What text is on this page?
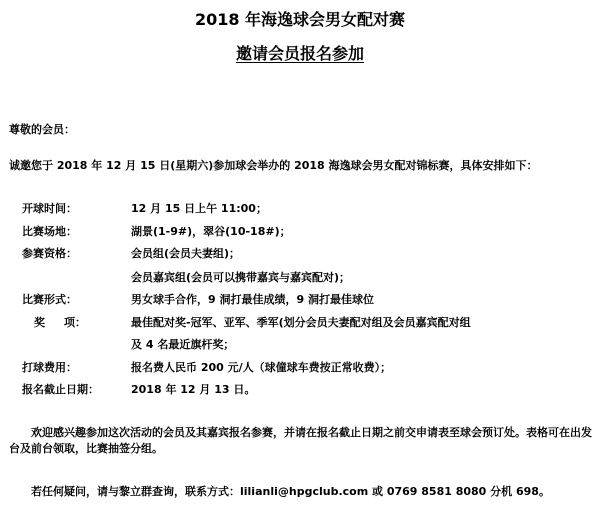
2018 年海逸球会男女配对赛
邀请会员报名参加
尊敬的会员：
诚邀您于 2018 年 12 月 15 日(星期六)参加球会举办的 2018 海逸球会男女配对锦标赛，具体安排如下：
开球时间：	12 月 15 日上午 11:00；
比赛场地：	湖景(1-9#)，翠谷(10-18#)；
参赛资格：	会员组(会员夫妻组)；
会员嘉宾组(会员可以携带嘉宾与嘉宾配对)；
比赛形式：	男女球手合作，9 洞打最佳成绩，9 洞打最佳球位
奖 项：	最佳配对奖-冠军、亚军、季军(划分会员夫妻配对组及会员嘉宾配对组
及 4 名最近旗杆奖；
打球费用：	报名费人民币 200 元/人（球僮球车费按正常收费）；
报名截止日期：	2018 年 12 月 13 日。
欢迎感兴趣参加这次活动的会员及其嘉宾报名参赛，并请在报名截止日期之前交申请表至球会预订处。表格可在出发台及前台领取，比赛抽签分组。
若任何疑问，请与黎立群查询，联系方式：lilianli@hpgclub.com 或 0769 8581 8080 分机 698。
